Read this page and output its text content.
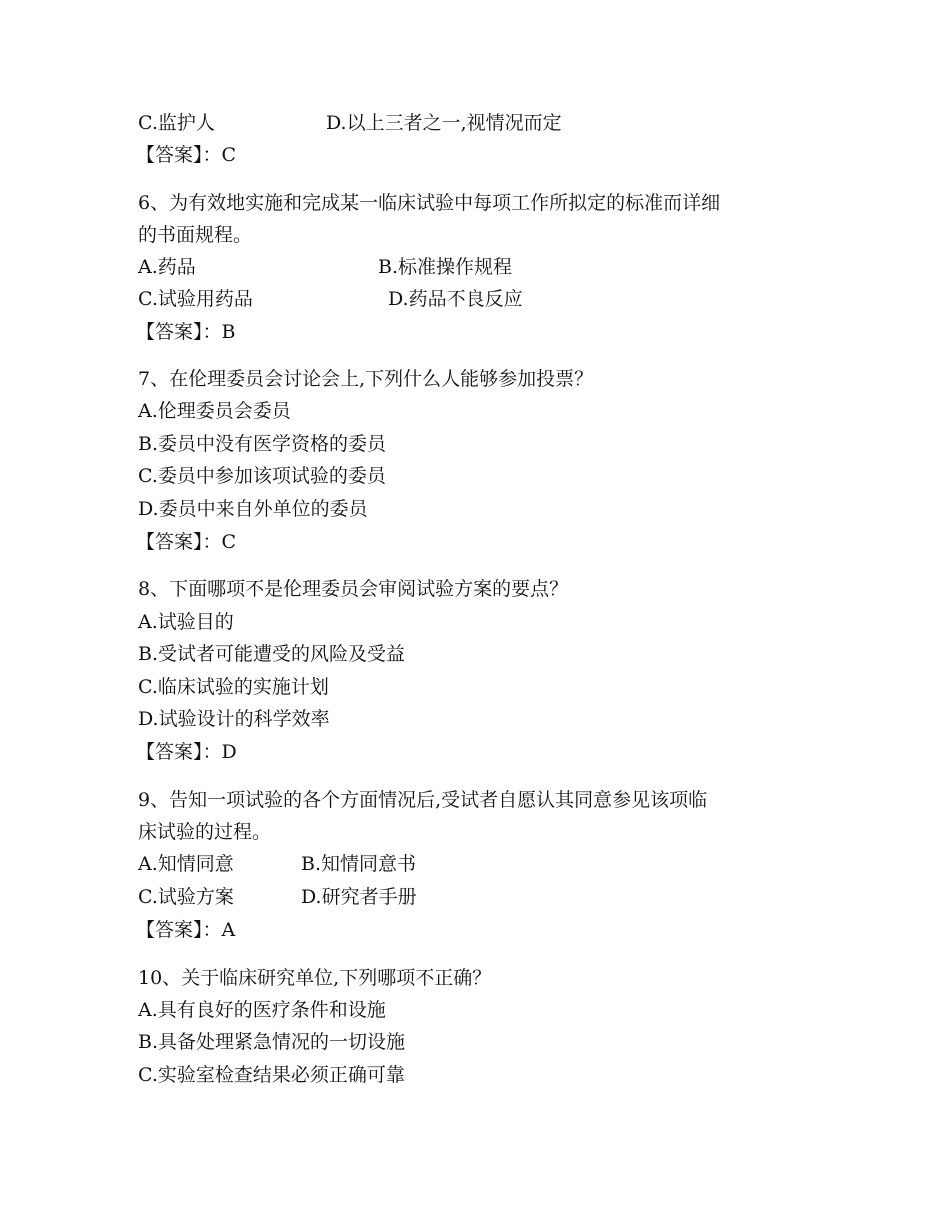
C.监护人	D.以上三者之一,视情况而定
【答案】：C
6、为有效地实施和完成某一临床试验中每项工作所拟定的标准而详细
的书面规程。
A.药品	B.标准操作规程
C.试验用药品	D.药品不良反应
【答案】：B
7、在伦理委员会讨论会上,下列什么人能够参加投票？
A.伦理委员会委员
B.委员中没有医学资格的委员
C.委员中参加该项试验的委员
D.委员中来自外单位的委员
【答案】：C
8、下面哪项不是伦理委员会审阅试验方案的要点？
A.试验目的
B.受试者可能遭受的风险及受益
C.临床试验的实施计划
D.试验设计的科学效率
【答案】：D
9、告知一项试验的各个方面情况后,受试者自愿认其同意参见该项临
床试验的过程。
A.知情同意	B.知情同意书
C.试验方案	D.研究者手册
【答案】：A
10、关于临床研究单位,下列哪项不正确？
A.具有良好的医疗条件和设施
B.具备处理紧急情况的一切设施
C.实验室检查结果必须正确可靠
